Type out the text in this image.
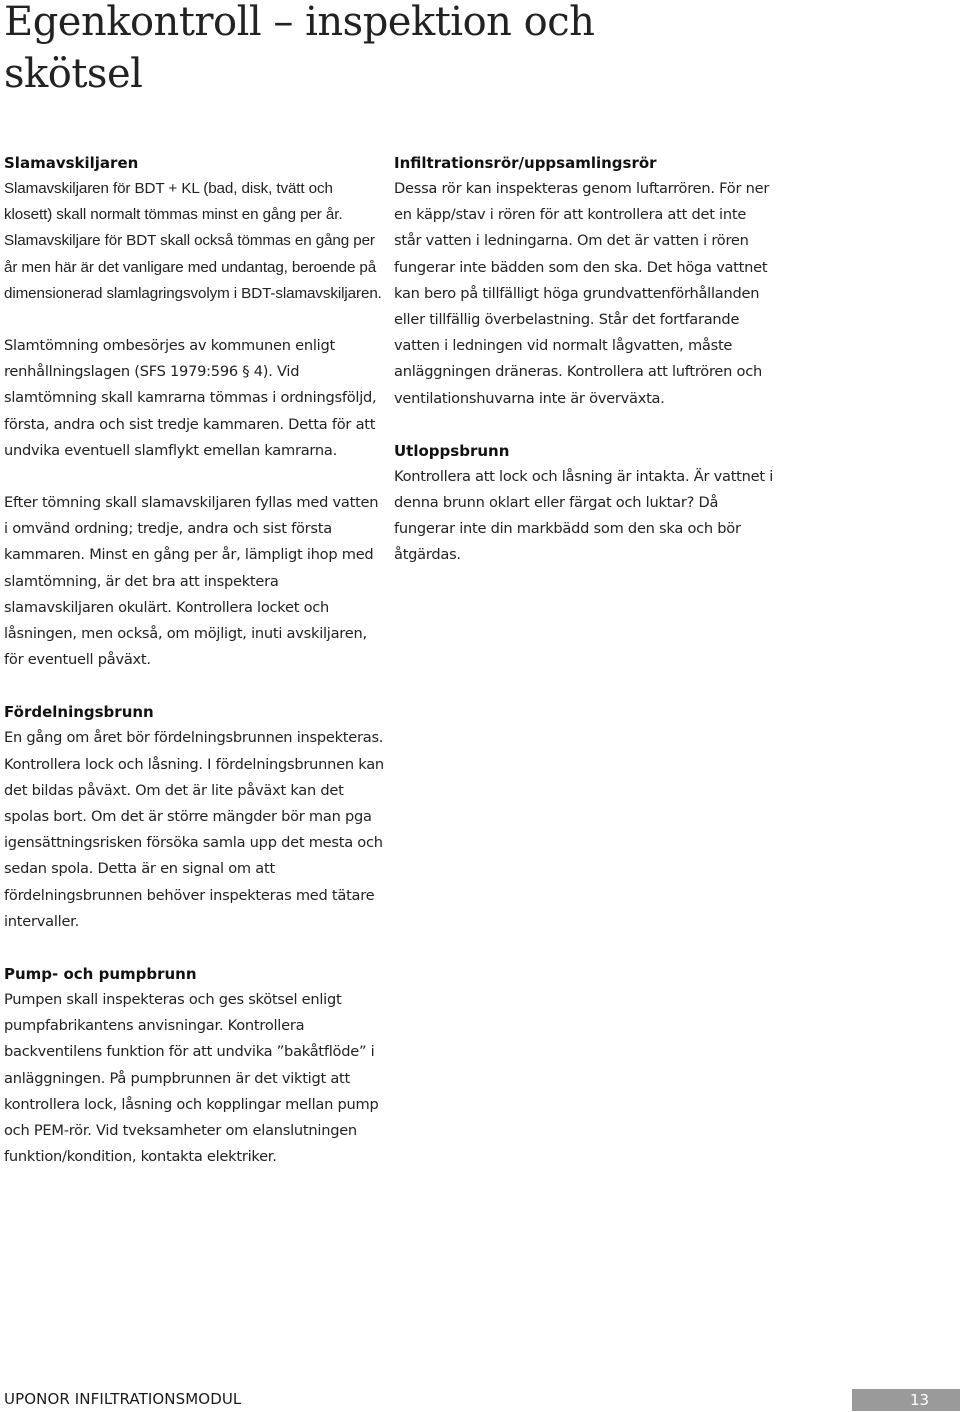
Egenkontroll – inspektion och skötsel
Slamavskiljaren

Slamavskiljaren för BDT + KL (bad, disk, tvätt och klosett) skall normalt tömmas minst en gång per år. Slamavskiljare för BDT skall också tömmas en gång per år men här är det vanligare med undantag, beroende på dimensionerad slamlagringsvolym i BDT-slamavskiljaren.

Slamtömning ombesörjes av kommunen enligt renhållningslagen (SFS 1979:596 § 4). Vid slamtömning skall kamrarna tömmas i ordningsföljd, första, andra och sist tredje kammaren. Detta för att undvika eventuell slamflykt emellan kamrarna.

Efter tömning skall slamavskiljaren fyllas med vatten i omvänd ordning; tredje, andra och sist första kammaren. Minst en gång per år, lämpligt ihop med slamtömning, är det bra att inspektera slamavskiljaren okulärt. Kontrollera locket och låsningen, men också, om möjligt, inuti avskiljaren, för eventuell påväxt.

Fördelningsbrunn

En gång om året bör fördelningsbrunnen inspekteras. Kontrollera lock och låsning. I fördelningsbrunnen kan det bildas påväxt. Om det är lite påväxt kan det spolas bort. Om det är större mängder bör man pga igensättningsrisken försöka samla upp det mesta och sedan spola. Detta är en signal om att fördelningsbrunnen behöver inspekteras med tätare intervaller.

Pump- och pumpbrunn

Pumpen skall inspekteras och ges skötsel enligt pumpfabrikantens anvisningar. Kontrollera backventilens funktion för att undvika ”bakåtflöde” i anläggningen. På pumpbrunnen är det viktigt att kontrollera lock, låsning och kopplingar mellan pump och PEM-rör. Vid tveksamheter om elanslutningen funktion/kondition, kontakta elektriker.

Infiltrationsrör/uppsamlingsrör

Dessa rör kan inspekteras genom luftarrören. För ner en käpp/stav i rören för att kontrollera att det inte står vatten i ledningarna. Om det är vatten i rören fungerar inte bädden som den ska. Det höga vattnet kan bero på tillfälligt höga grundvattenförhållanden eller tillfällig överbelastning. Står det fortfarande vatten i ledningen vid normalt lågvatten, måste anläggningen dräneras. Kontrollera att luftrören och ventilationshuvarna inte är överväxta.

Utloppsbrunn

Kontrollera att lock och låsning är intakta. Är vattnet i denna brunn oklart eller färgat och luktar? Då fungerar inte din markbädd som den ska och bör åtgärdas.

UPONOR INFILTRATIONSMODUL	13
